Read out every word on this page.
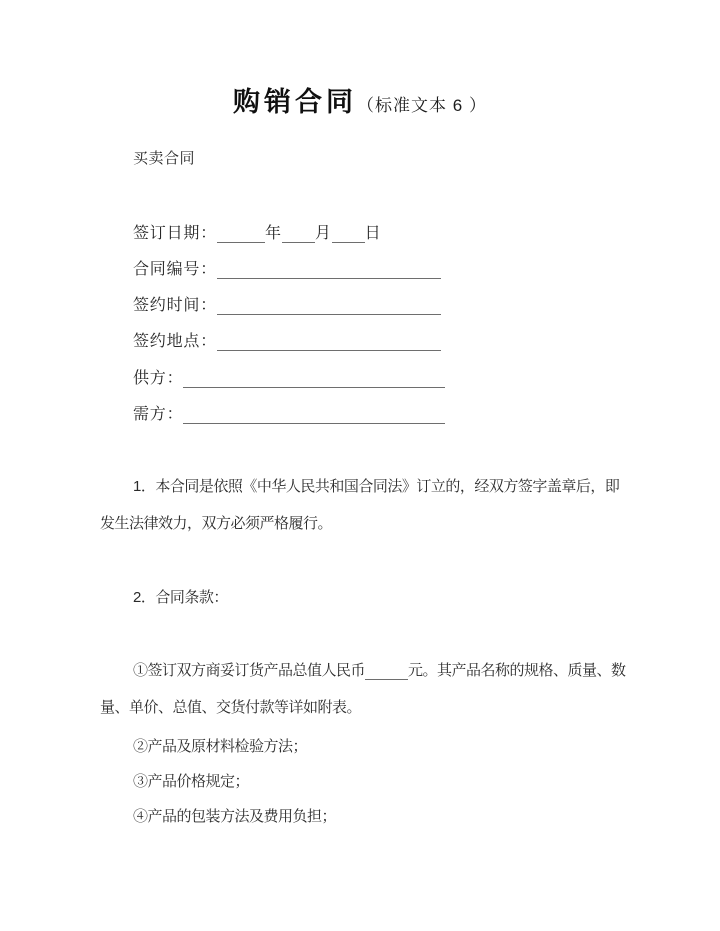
购销合同（标准文本 6 ）
买卖合同
签订日期：	年 月 日
合同编号：
签约时间：
签约地点：
供方：
需方：
1．本合同是依照《中华人民共和国合同法》订立的，经双方签字盖章后，即
发生法律效力，双方必须严格履行。
2．合同条款：
①签订双方商妥订货产品总值人民币	元。其产品名称的规格、质量、数
量、单价、总值、交货付款等详如附表。
②产品及原材料检验方法；
③产品价格规定；
④产品的包装方法及费用负担；
